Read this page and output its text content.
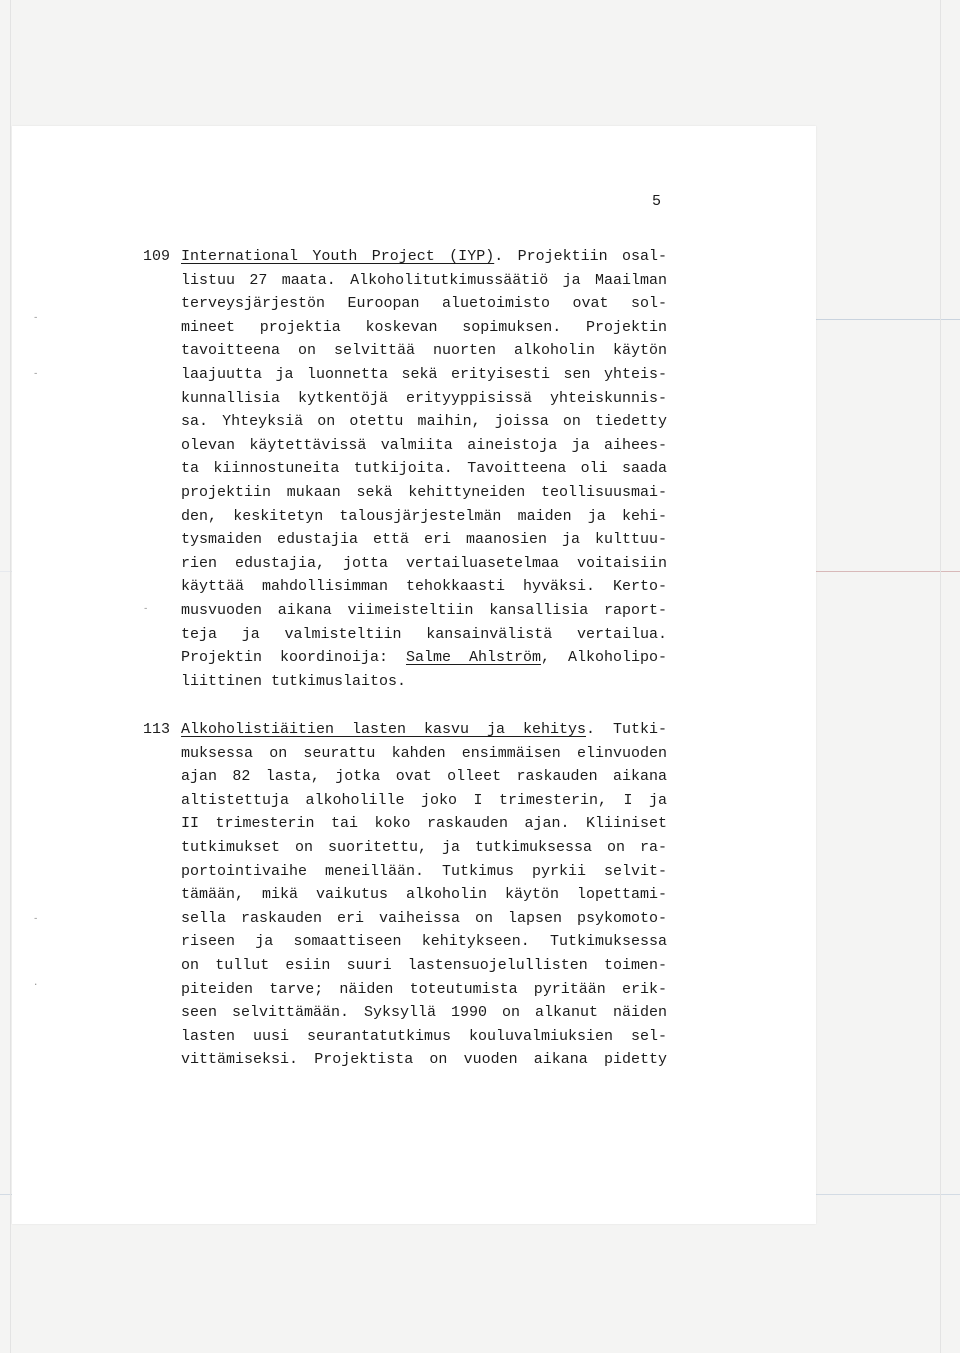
-
-
-
-
·
5
109 International Youth Project (IYP). Projektiin osal-
listuu 27 maata. Alkoholitutkimussäätiö ja Maailman
terveysjärjestön Euroopan aluetoimisto ovat sol-
mineet projektia koskevan sopimuksen. Projektin
tavoitteena on selvittää nuorten alkoholin käytön
laajuutta ja luonnetta sekä erityisesti sen yhteis-
kunnallisia kytkentöjä erityyppisissä yhteiskunnis-
sa. Yhteyksiä on otettu maihin, joissa on tiedetty
olevan käytettävissä valmiita aineistoja ja aihees-
ta kiinnostuneita tutkijoita. Tavoitteena oli saada
projektiin mukaan sekä kehittyneiden teollisuusmai-
den, keskitetyn talousjärjestelmän maiden ja kehi-
tysmaiden edustajia että eri maanosien ja kulttuu-
rien edustajia, jotta vertailuasetelmaa voitaisiin
käyttää mahdollisimman tehokkaasti hyväksi. Kerto-
musvuoden aikana viimeisteltiin kansallisia raport-
teja ja valmisteltiin kansainvälistä vertailua.
Projektin koordinoija: Salme Ahlström, Alkoholipo-
liittinen tutkimuslaitos.
113 Alkoholistiäitien lasten kasvu ja kehitys. Tutki-
muksessa on seurattu kahden ensimmäisen elinvuoden
ajan 82 lasta, jotka ovat olleet raskauden aikana
altistettuja alkoholille joko I trimesterin, I ja
II trimesterin tai koko raskauden ajan. Kliiniset
tutkimukset on suoritettu, ja tutkimuksessa on ra-
portointivaihe meneillään. Tutkimus pyrkii selvit-
tämään, mikä vaikutus alkoholin käytön lopettami-
sella raskauden eri vaiheissa on lapsen psykomoto-
riseen ja somaattiseen kehitykseen. Tutkimuksessa
on tullut esiin suuri lastensuojelullisten toimen-
piteiden tarve; näiden toteutumista pyritään erik-
seen selvittämään. Syksyllä 1990 on alkanut näiden
lasten uusi seurantatutkimus kouluvalmiuksien sel-
vittämiseksi. Projektista on vuoden aikana pidetty
